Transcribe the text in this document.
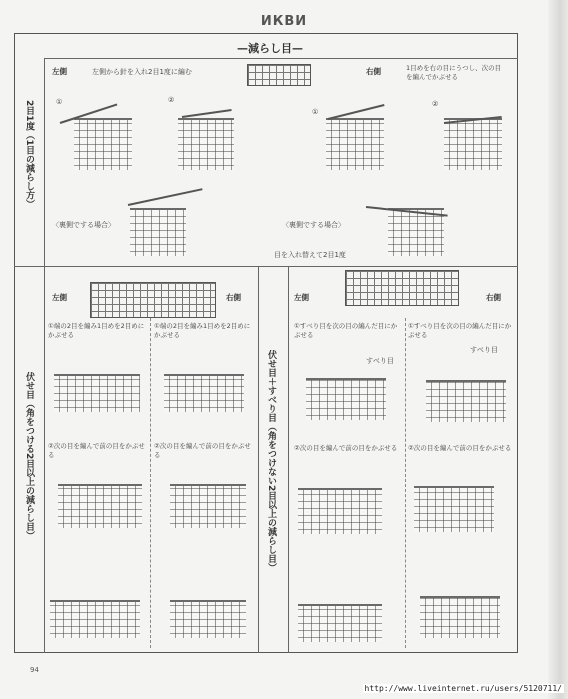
ИКВИ
—減らし目—
2目1度（1目の減らし方）
左側	左側から針を入れ2目1度に編む	右側	1目めを右の目にうつし、次の目を編んでかぶせる
①	②
①
②
〈裏側でする場合〉	〈裏側でする場合〉
目を入れ替えて2目1度
伏せ目（角をつける2目以上の減らし目）
左側	右側
①端の2目を編み1目めを2目めにかぶせる
①端の2目を編み1目めを2目めにかぶせる
②次の目を編んで前の目をかぶせる
②次の目を編んで前の目をかぶせる	伏せ目＋すべり目（角をつけない2目以上の減らし目）
左側	右側
①すべり目を次の目の編んだ目にかぶせる
①すべり目を次の目の編んだ目にかぶせる
すべり目
すべり目
②次の目を編んで前の目をかぶせる	②次の目を編んで前の目をかぶせる
94
http://www.liveinternet.ru/users/5120711/
